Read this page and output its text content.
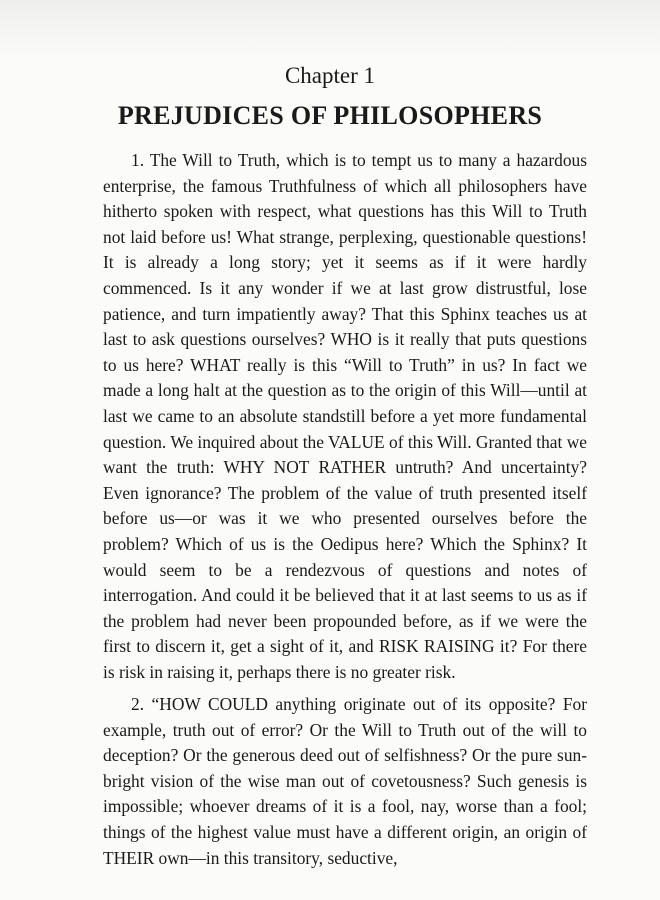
Chapter 1
PREJUDICES OF PHILOSOPHERS

1. The Will to Truth, which is to tempt us to many a hazardous enterprise, the famous Truthfulness of which all philosophers have hitherto spoken with respect, what questions has this Will to Truth not laid before us! What strange, perplexing, questionable questions! It is already a long story; yet it seems as if it were hardly commenced. Is it any wonder if we at last grow distrustful, lose patience, and turn impatiently away? That this Sphinx teaches us at last to ask questions ourselves? WHO is it really that puts questions to us here? WHAT really is this “Will to Truth” in us? In fact we made a long halt at the question as to the origin of this Will—until at last we came to an absolute standstill before a yet more fundamental question. We inquired about the VALUE of this Will. Granted that we want the truth: WHY NOT RATHER untruth? And uncertainty? Even ignorance? The problem of the value of truth presented itself before us—or was it we who presented ourselves before the problem? Which of us is the Oedipus here? Which the Sphinx? It would seem to be a rendezvous of questions and notes of interrogation. And could it be believed that it at last seems to us as if the problem had never been propounded before, as if we were the first to discern it, get a sight of it, and RISK RAISING it? For there is risk in raising it, perhaps there is no greater risk.

2. “HOW COULD anything originate out of its opposite? For example, truth out of error? Or the Will to Truth out of the will to deception? Or the generous deed out of selfishness? Or the pure sun-bright vision of the wise man out of covetousness? Such genesis is impossible; whoever dreams of it is a fool, nay, worse than a fool; things of the highest value must have a different origin, an origin of THEIR own—in this transitory, seductive,
